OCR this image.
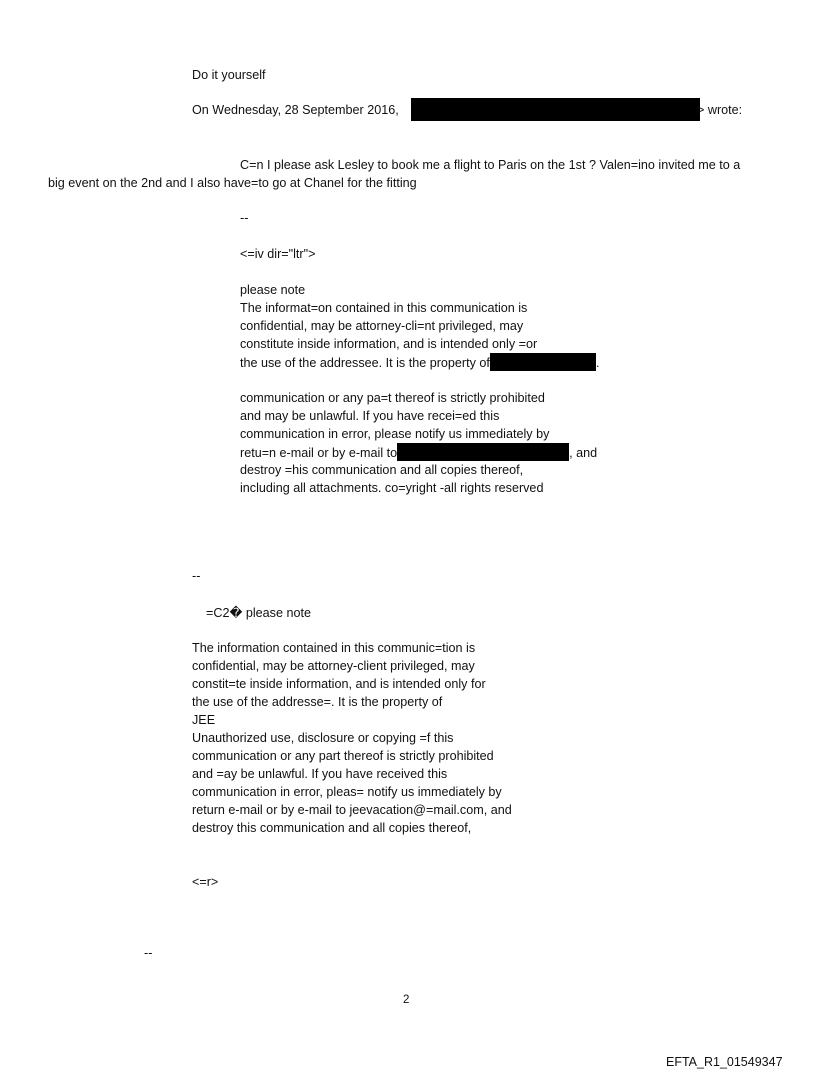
Do it yourself
On Wednesday, 28 September 2016,	> wrote:
C=n I please ask Lesley to book me a flight to Paris on the 1st ? Valen=ino invited me to a
big event on the 2nd and I also have=to go at Chanel for the fitting
--
<=iv dir="ltr">
please note
The informat=on contained in this communication is
confidential, may be attorney-cli=nt privileged, may
constitute inside information, and is intended only =or
the use of the addressee. It is the property of	.
communication or any pa=t thereof is strictly prohibited
and may be unlawful. If you have recei=ed this
communication in error, please notify us immediately by
retu=n e-mail or by e-mail to	, and
destroy =his communication and all copies thereof,
including all attachments. co=yright -all rights reserved
--
=C2� please note
The information contained in this communic=tion is
confidential, may be attorney-client privileged, may
constit=te inside information, and is intended only for
the use of the addresse=. It is the property of
JEE
Unauthorized use, disclosure or copying =f this
communication or any part thereof is strictly prohibited
and =ay be unlawful. If you have received this
communication in error, pleas= notify us immediately by
return e-mail or by e-mail to jeevacation@=mail.com, and
destroy this communication and all copies thereof,
<=r>
--
2
EFTA_R1_01549347
